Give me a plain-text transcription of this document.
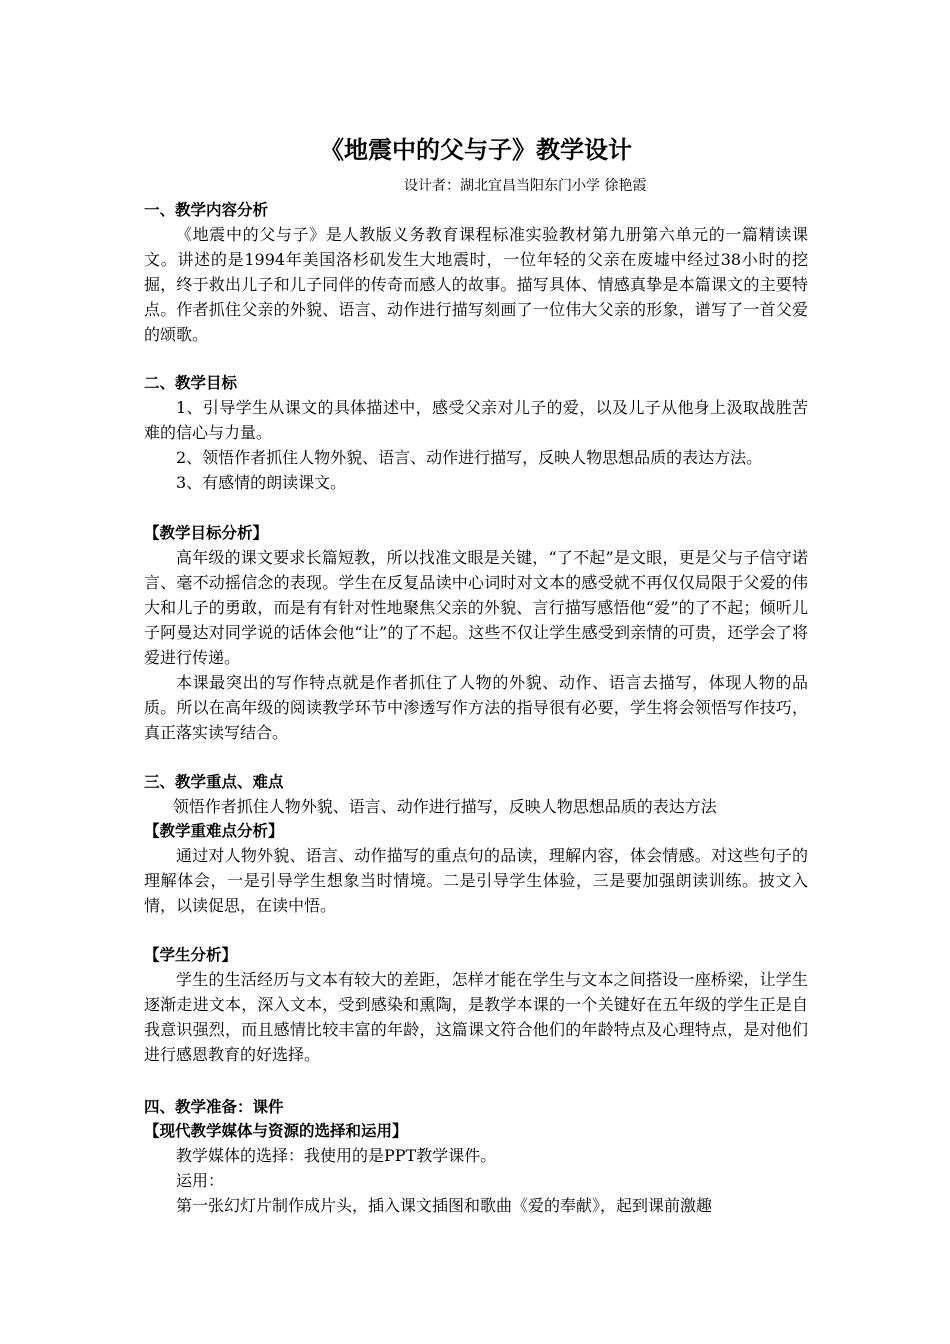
《地震中的父与子》教学设计
设计者：湖北宜昌当阳东门小学 徐艳霞
一、教学内容分析

《地震中的父与子》是人教版义务教育课程标准实验教材第九册第六单元的一篇精读课文。讲述的是1994年美国洛杉矶发生大地震时，一位年轻的父亲在废墟中经过38小时的挖掘，终于救出儿子和儿子同伴的传奇而感人的故事。描写具体、情感真挚是本篇课文的主要特点。作者抓住父亲的外貌、语言、动作进行描写刻画了一位伟大父亲的形象，谱写了一首父爱的颂歌。

二、教学目标

1、引导学生从课文的具体描述中，感受父亲对儿子的爱，以及儿子从他身上汲取战胜苦难的信心与力量。

2、领悟作者抓住人物外貌、语言、动作进行描写，反映人物思想品质的表达方法。

3、有感情的朗读课文。

【教学目标分析】

高年级的课文要求长篇短教，所以找准文眼是关键，“了不起”是文眼，更是父与子信守诺言、毫不动摇信念的表现。学生在反复品读中心词时对文本的感受就不再仅仅局限于父爱的伟大和儿子的勇敢，而是有有针对性地聚焦父亲的外貌、言行描写感悟他“爱”的了不起；倾听儿子阿曼达对同学说的话体会他“让”的了不起。这些不仅让学生感受到亲情的可贵，还学会了将爱进行传递。

本课最突出的写作特点就是作者抓住了人物的外貌、动作、语言去描写，体现人物的品质。所以在高年级的阅读教学环节中渗透写作方法的指导很有必要，学生将会领悟写作技巧，真正落实读写结合。

三、教学重点、难点

领悟作者抓住人物外貌、语言、动作进行描写，反映人物思想品质的表达方法

【教学重难点分析】

通过对人物外貌、语言、动作描写的重点句的品读，理解内容，体会情感。对这些句子的理解体会，一是引导学生想象当时情境。二是引导学生体验，三是要加强朗读训练。披文入情，以读促思，在读中悟。

【学生分析】

学生的生活经历与文本有较大的差距，怎样才能在学生与文本之间搭设一座桥梁，让学生逐渐走进文本，深入文本，受到感染和熏陶，是教学本课的一个关键好在五年级的学生正是自我意识强烈，而且感情比较丰富的年龄，这篇课文符合他们的年龄特点及心理特点，是对他们进行感恩教育的好选择。

四、教学准备：课件
【现代教学媒体与资源的选择和运用】

教学媒体的选择：我使用的是PPT教学课件。

运用：

第一张幻灯片制作成片头，插入课文插图和歌曲《爱的奉献》，起到课前激趣
